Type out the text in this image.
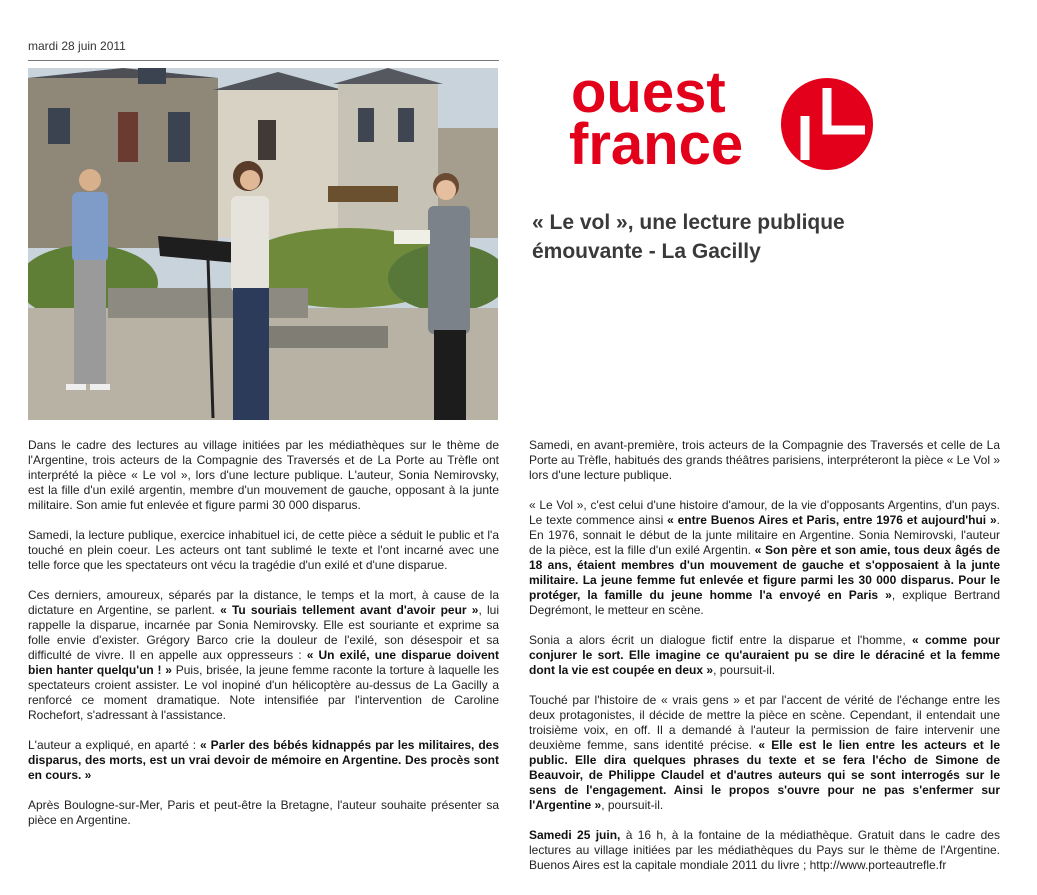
mardi 28 juin 2011
ouest
france
« Le vol », une lecture publique
émouvante - La Gacilly

Dans le cadre des lectures au village initiées par les médiathèques sur le thème de l'Argentine, trois acteurs de la Compagnie des Traversés et de La Porte au Trèfle ont interprété la pièce « Le vol », lors d'une lecture publique. L'auteur, Sonia Nemirovsky, est la fille d'un exilé argentin, membre d'un mouvement de gauche, opposant à la junte militaire. Son amie fut enlevée et figure parmi 30 000 disparus.

Samedi, la lecture publique, exercice inhabituel ici, de cette pièce a séduit le public et l'a touché en plein coeur. Les acteurs ont tant sublimé le texte et l'ont incarné avec une telle force que les spectateurs ont vécu la tragédie d'un exilé et d'une disparue.

Ces derniers, amoureux, séparés par la distance, le temps et la mort, à cause de la dictature en Argentine, se parlent. « Tu souriais tellement avant d'avoir peur », lui rappelle la disparue, incarnée par Sonia Nemirovsky. Elle est souriante et exprime sa folle envie d'exister. Grégory Barco crie la douleur de l'exilé, son désespoir et sa difficulté de vivre. Il en appelle aux oppresseurs : « Un exilé, une disparue doivent bien hanter quelqu'un ! » Puis, brisée, la jeune femme raconte la torture à laquelle les spectateurs croient assister. Le vol inopiné d'un hélicoptère au-dessus de La Gacilly a renforcé ce moment dramatique. Note intensifiée par l'intervention de Caroline Rochefort, s'adressant à l'assistance.

L'auteur a expliqué, en aparté : « Parler des bébés kidnappés par les militaires, des disparus, des morts, est un vrai devoir de mémoire en Argentine. Des procès sont en cours. »

Après Boulogne-sur-Mer, Paris et peut-être la Bretagne, l'auteur souhaite présenter sa pièce en Argentine.

Samedi, en avant-première, trois acteurs de la Compagnie des Traversés et celle de La Porte au Trèfle, habitués des grands théâtres parisiens, interpréteront la pièce « Le Vol » lors d'une lecture publique.

« Le Vol », c'est celui d'une histoire d'amour, de la vie d'opposants Argentins, d'un pays. Le texte commence ainsi « entre Buenos Aires et Paris, entre 1976 et aujourd'hui ». En 1976, sonnait le début de la junte militaire en Argentine. Sonia Nemirovski, l'auteur de la pièce, est la fille d'un exilé Argentin. « Son père et son amie, tous deux âgés de 18 ans, étaient membres d'un mouvement de gauche et s'opposaient à la junte militaire. La jeune femme fut enlevée et figure parmi les 30 000 disparus. Pour le protéger, la famille du jeune homme l'a envoyé en Paris », explique Bertrand Degrémont, le metteur en scène.

Sonia a alors écrit un dialogue fictif entre la disparue et l'homme, « comme pour conjurer le sort. Elle imagine ce qu'auraient pu se dire le déraciné et la femme dont la vie est coupée en deux », poursuit-il.

Touché par l'histoire de « vrais gens » et par l'accent de vérité de l'échange entre les deux protagonistes, il décide de mettre la pièce en scène. Cependant, il entendait une troisième voix, en off. Il a demandé à l'auteur la permission de faire intervenir une deuxième femme, sans identité précise. « Elle est le lien entre les acteurs et le public. Elle dira quelques phrases du texte et se fera l'écho de Simone de Beauvoir, de Philippe Claudel et d'autres auteurs qui se sont interrogés sur le sens de l'engagement. Ainsi le propos s'ouvre pour ne pas s'enfermer sur l'Argentine », poursuit-il.

Samedi 25 juin, à 16 h, à la fontaine de la médiathèque. Gratuit dans le cadre des lectures au village initiées par les médiathèques du Pays sur le thème de l'Argentine. Buenos Aires est la capitale mondiale 2011 du livre ; http://www.porteautrefle.fr
